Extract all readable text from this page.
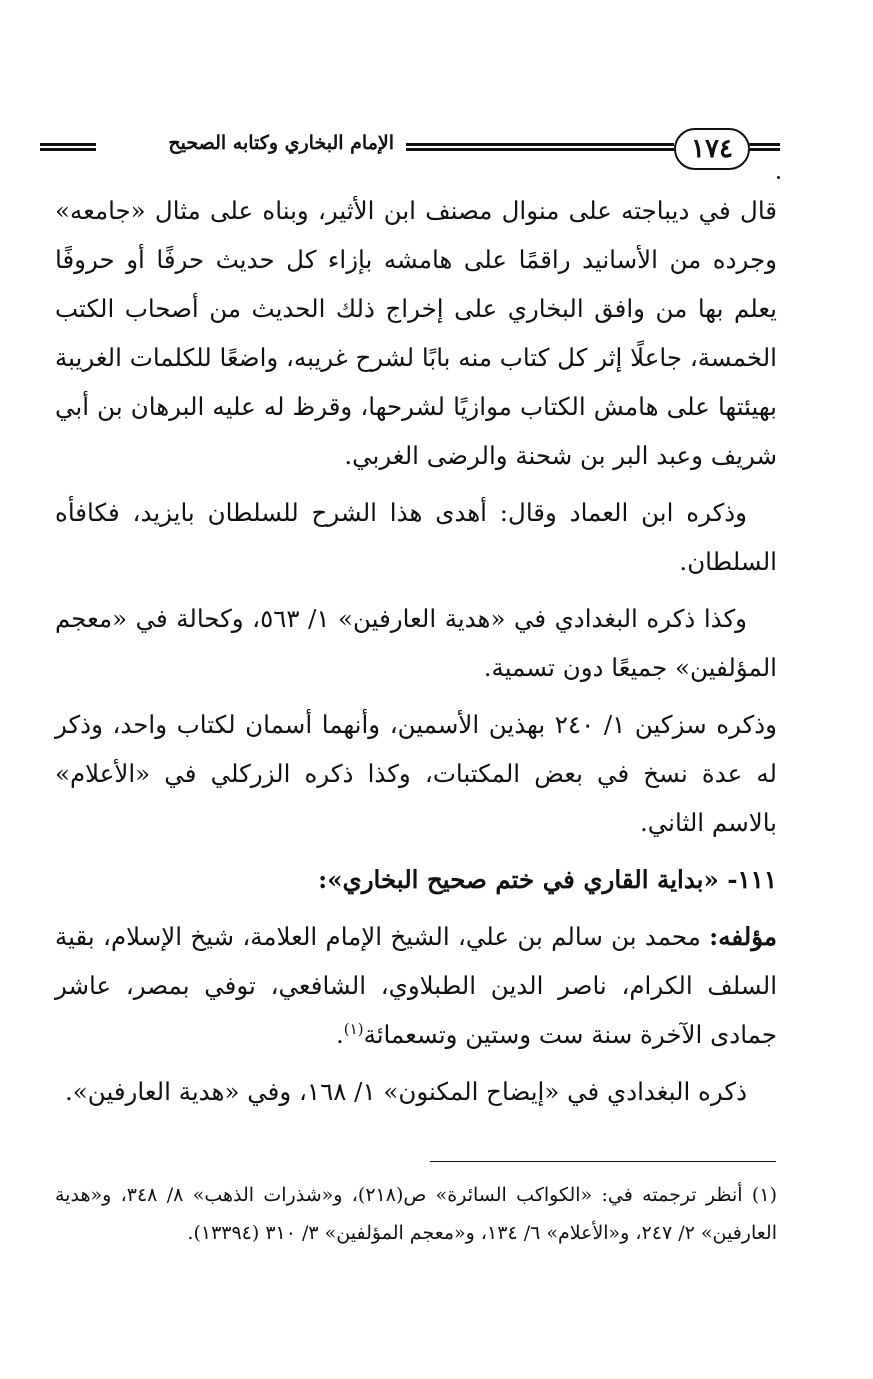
١٧٤
الإمام البخاري وكتابه الصحيح

قال في ديباجته على منوال مصنف ابن الأثير، وبناه على مثال «جامعه» وجرده من الأسانيد راقمًا على هامشه بإزاء كل حديث حرفًا أو حروفًا يعلم بها من وافق البخاري على إخراج ذلك الحديث من أصحاب الكتب الخمسة، جاعلًا إثر كل كتاب منه بابًا لشرح غريبه، واضعًا للكلمات الغريبة بهيئتها على هامش الكتاب موازيًا لشرحها، وقرظ له عليه البرهان بن أبي شريف وعبد البر بن شحنة والرضى الغربي.

وذكره ابن العماد وقال: أهدى هذا الشرح للسلطان بايزيد، فكافأه السلطان.

وكذا ذكره البغدادي في «هدية العارفين» ١/ ٥٦٣، وكحالة في «معجم المؤلفين» جميعًا دون تسمية.

وذكره سزكين ١/ ٢٤٠ بهذين الأسمين، وأنهما أسمان لكتاب واحد، وذكر له عدة نسخ في بعض المكتبات، وكذا ذكره الزركلي في «الأعلام» بالاسم الثاني.

١١١- «بداية القاري في ختم صحيح البخاري»:

مؤلفه: محمد بن سالم بن علي، الشيخ الإمام العلامة، شيخ الإسلام، بقية السلف الكرام، ناصر الدين الطبلاوي، الشافعي، توفي بمصر، عاشر جمادى الآخرة سنة ست وستين وتسعمائة$^{(١)}$.

ذكره البغدادي في «إيضاح المكنون» ١/ ١٦٨، وفي «هدية العارفين».

(١) أنظر ترجمته في: «الكواكب السائرة» ص(٢١٨)، و«شذرات الذهب» ٨/ ٣٤٨، و«هدية العارفين» ٢/ ٢٤٧، و«الأعلام» ٦/ ١٣٤، و«معجم المؤلفين» ٣/ ٣١٠ (١٣٣٩٤).
